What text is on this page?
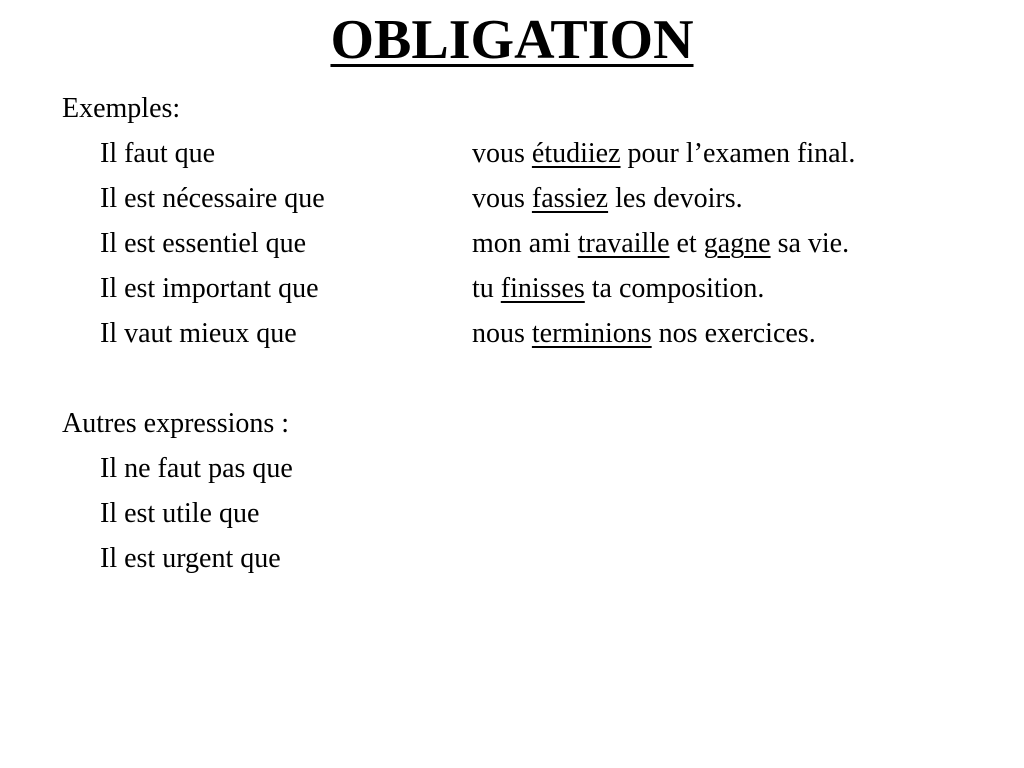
OBLIGATION
Exemples:
Il faut que	vous étudiiez pour l’examen final.
Il est nécessaire que	vous fassiez les devoirs.
Il est essentiel que	mon ami travaille et gagne sa vie.
Il est important que	tu finisses ta composition.
Il vaut mieux que	nous terminions nos exercices.
Autres expressions :
Il ne faut pas que
Il est utile que
Il est urgent que
